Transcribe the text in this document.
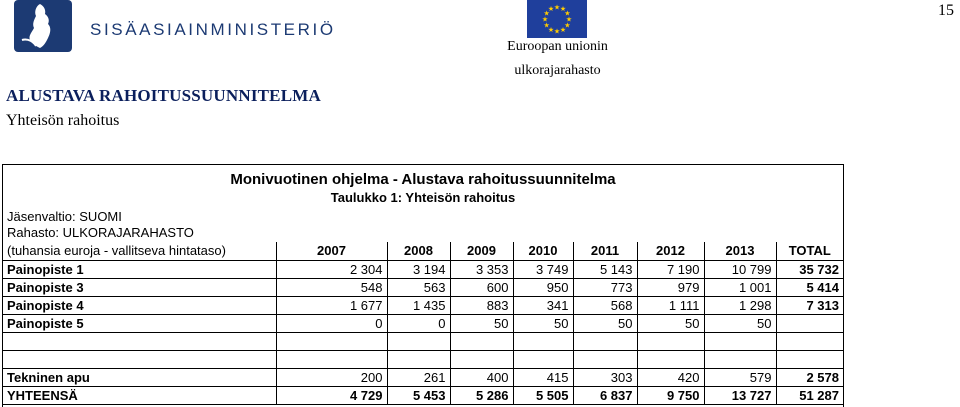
SISÄASIAINMINISTERIÖ
★ ★
★
★
★
★
★
★
★
★
★
★
Euroopan unionin
ulkorajarahasto
15
ALUSTAVA RAHOITUSSUUNNITELMA
Yhteisön rahoitus
Monivuotinen ohjelma - Alustava rahoitussuunnitelma
Taulukko 1: Yhteisön rahoitus
Jäsenvaltio: SUOMI
Rahasto: ULKORAJARAHASTO
(tuhansia euroja - vallitseva hintataso)	2007	2008	2009	2010	2011	2012	2013	TOTAL
Painopiste 1	2 304	3 194	3 353	3 749	5 143	7 190	10 799	35 732
Painopiste 3	548	563	600	950	773	979	1 001	5 414
Painopiste 4	1 677	1 435	883	341	568	1 111	1 298	7 313
Painopiste 5	0	0	50	50	50	50	50	

Tekninen apu	200	261	400	415	303	420	579	2 578
YHTEENSÄ	4 729	5 453	5 286	5 505	6 837	9 750	13 727	51 287
